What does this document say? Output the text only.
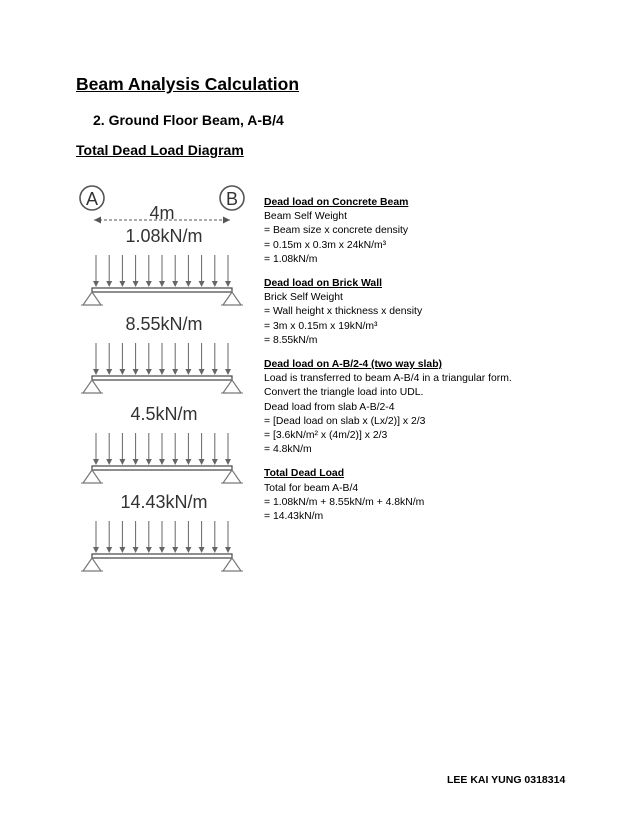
Beam Analysis Calculation
2. Ground Floor Beam, A-B/4
Total Dead Load Diagram
A	B
4m
1.08kN/m
8.55kN/m
4.5kN/m
14.43kN/m
Dead load on Concrete Beam
Beam Self Weight
= Beam size x concrete density
= 0.15m x 0.3m x 24kN/m³
= 1.08kN/m
Dead load on Brick Wall
Brick Self Weight
= Wall height x thickness x density
= 3m x 0.15m x 19kN/m³
= 8.55kN/m
Dead load on A-B/2-4 (two way slab)
Load is transferred to beam A-B/4 in a triangular form.
Convert the triangle load into UDL.
Dead load from slab A-B/2-4
= [Dead load on slab x (Lx/2)] x 2/3
= [3.6kN/m² x (4m/2)] x 2/3
= 4.8kN/m
Total Dead Load
Total for beam A-B/4
= 1.08kN/m + 8.55kN/m + 4.8kN/m
= 14.43kN/m
LEE KAI YUNG 0318314
